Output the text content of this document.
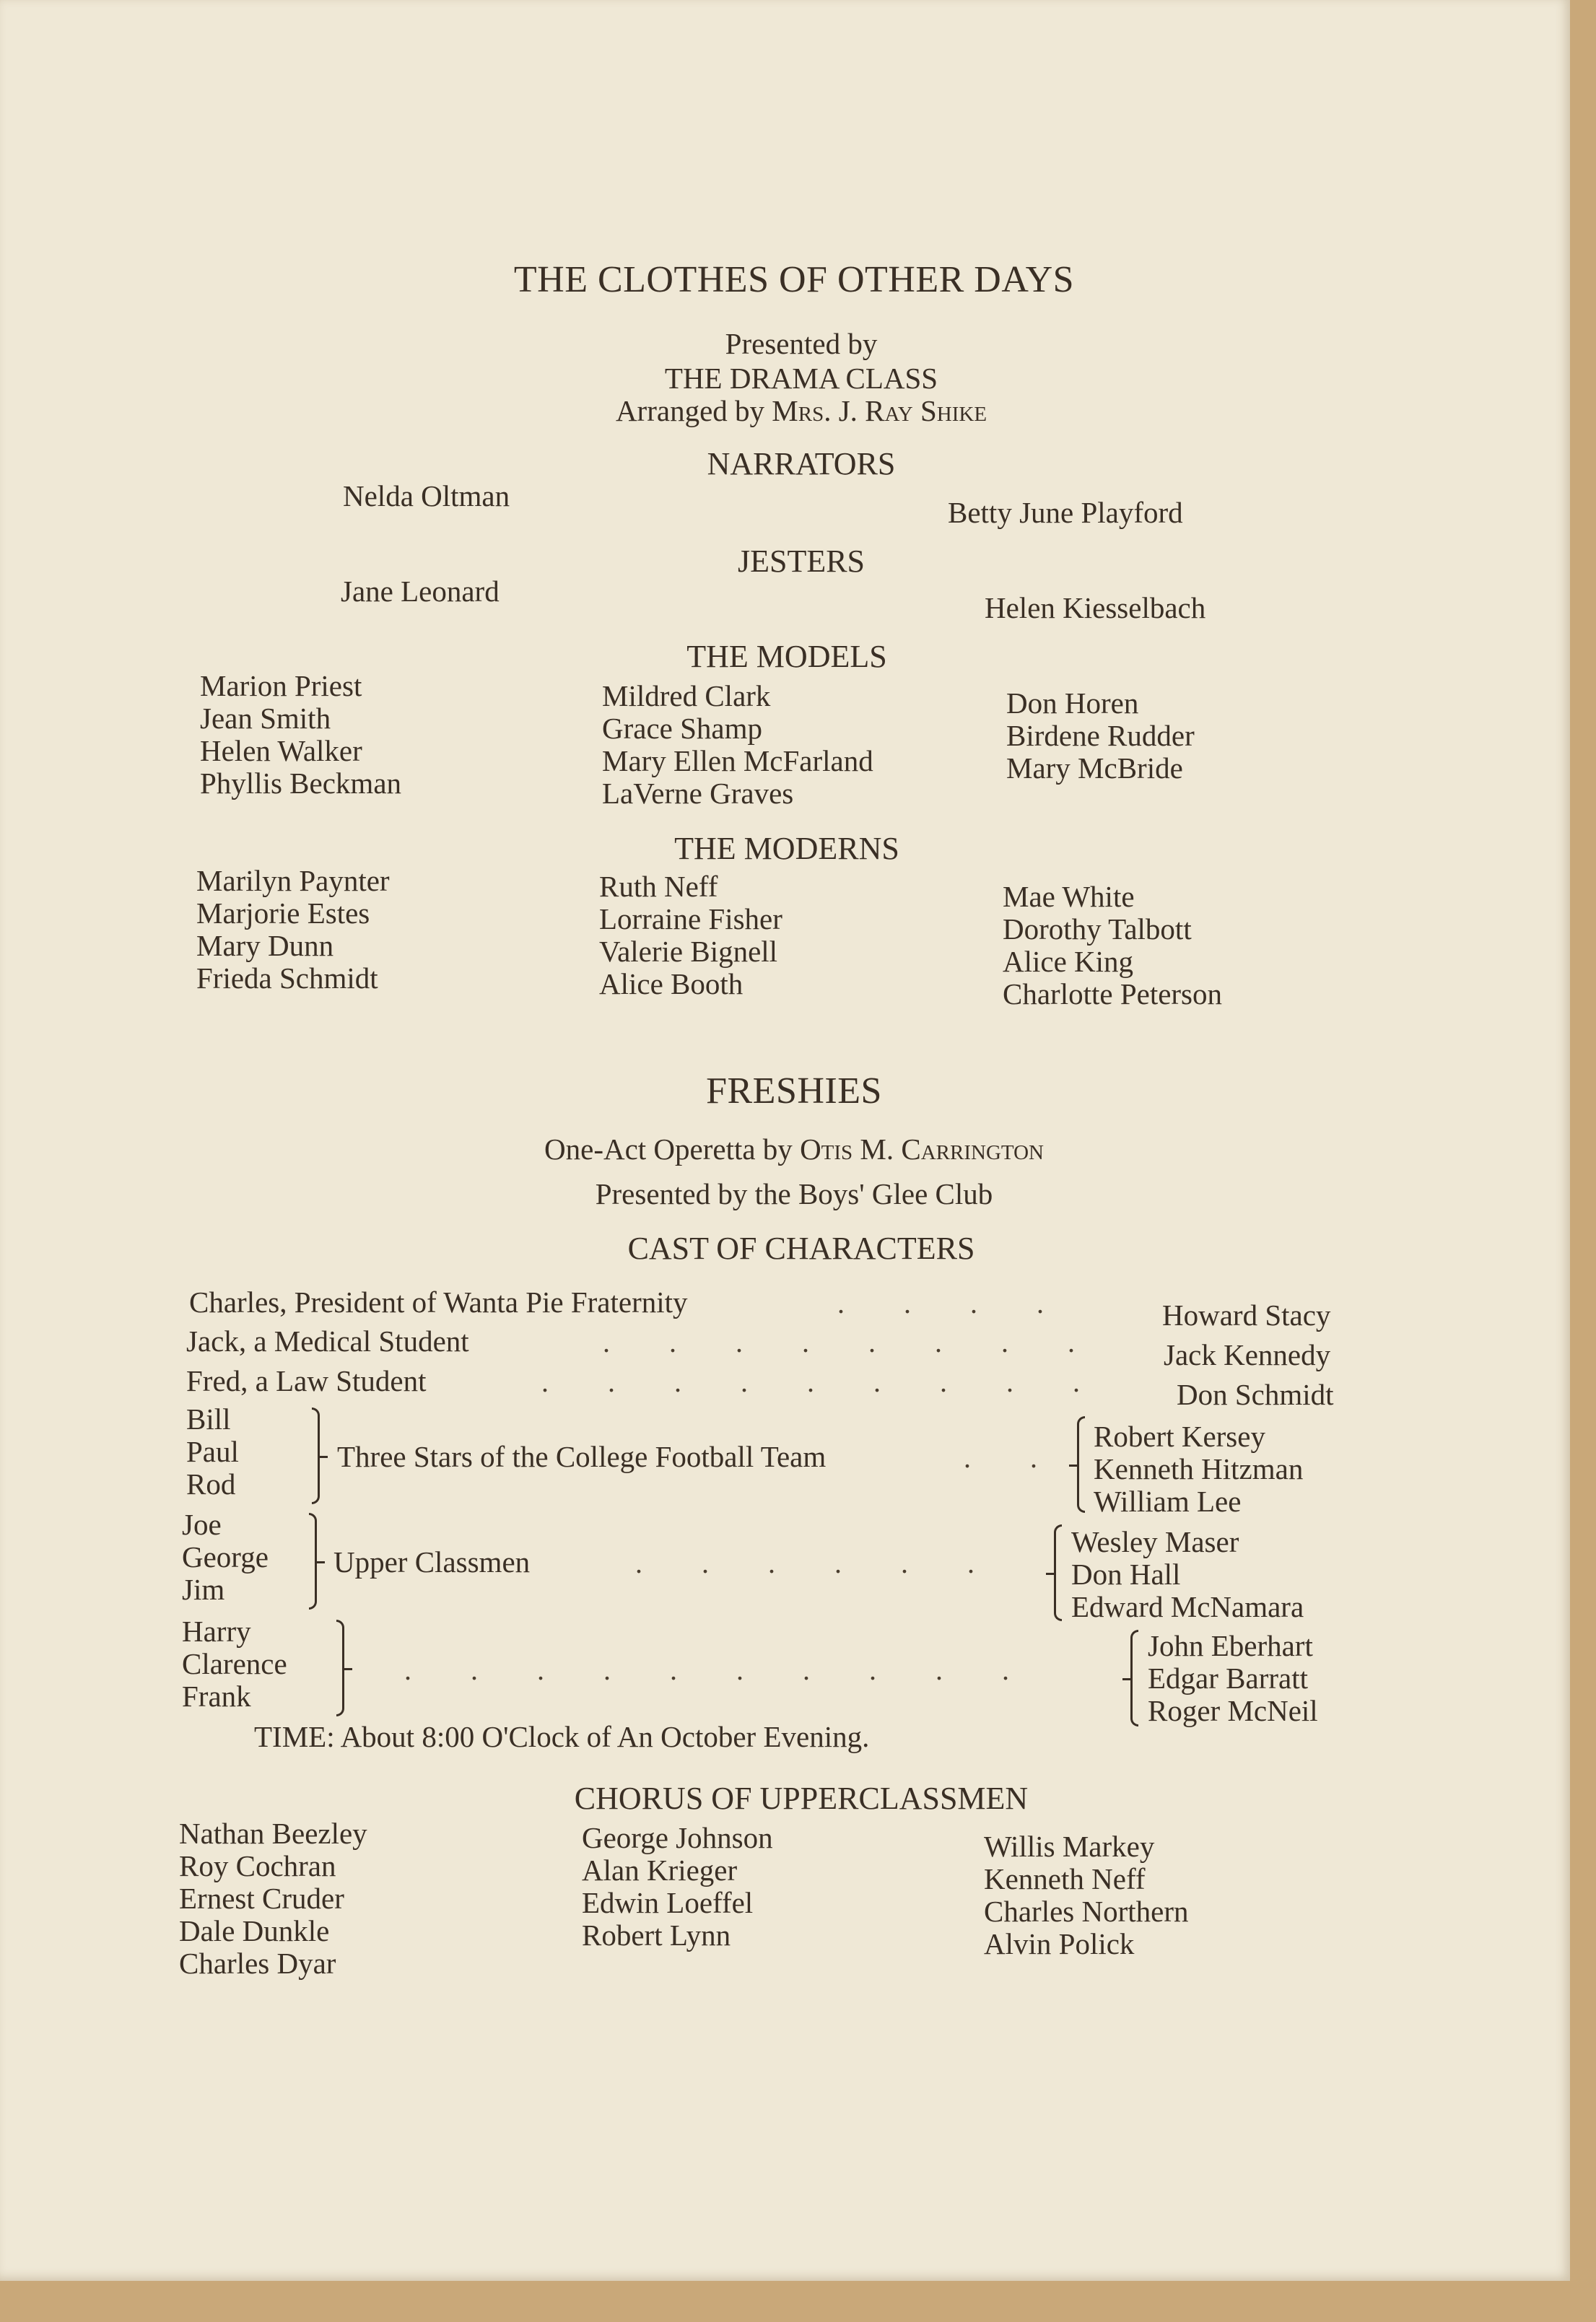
THE CLOTHES OF OTHER DAYS
Presented by
THE DRAMA CLASS
Arranged by Mrs. J. Ray Shike
NARRATORS
Nelda Oltman	Betty June Playford
JESTERS
Jane Leonard	Helen Kiesselbach
THE MODELS
Marion Priest
Jean Smith
Helen Walker
Phyllis Beckman
Mildred Clark
Grace Shamp
Mary Ellen McFarland
LaVerne Graves
Don Horen
Birdene Rudder
Mary McBride
THE MODERNS
Marilyn Paynter
Marjorie Estes
Mary Dunn
Frieda Schmidt
Ruth Neff
Lorraine Fisher
Valerie Bignell
Alice Booth
Mae White
Dorothy Talbott
Alice King
Charlotte Peterson
FRESHIES
One-Act Operetta by Otis M. Carrington
Presented by the Boys' Glee Club
CAST OF CHARACTERS
Charles, President of Wanta Pie Fraternity	. . . .	Howard Stacy
Jack, a Medical Student	. . . . . . . . Jack Kennedy
Fred, a Law Student	. . . . . . . . . Don Schmidt
Bill
Paul
Rod
Three Stars of the College Football Team	. .
Robert Kersey
Kenneth Hitzman
William Lee
Joe
George
Jim
Upper Classmen	. . . . . .
Wesley Maser
Don Hall
Edward McNamara
Harry
Clarence
Frank
. . . . . . . . . .
John Eberhart
Edgar Barratt
Roger McNeil
TIME: About 8:00 O'Clock of An October Evening.
CHORUS OF UPPERCLASSMEN
Nathan Beezley
Roy Cochran
Ernest Cruder
Dale Dunkle
Charles Dyar
George Johnson
Alan Krieger
Edwin Loeffel
Robert Lynn
Willis Markey
Kenneth Neff
Charles Northern
Alvin Polick
